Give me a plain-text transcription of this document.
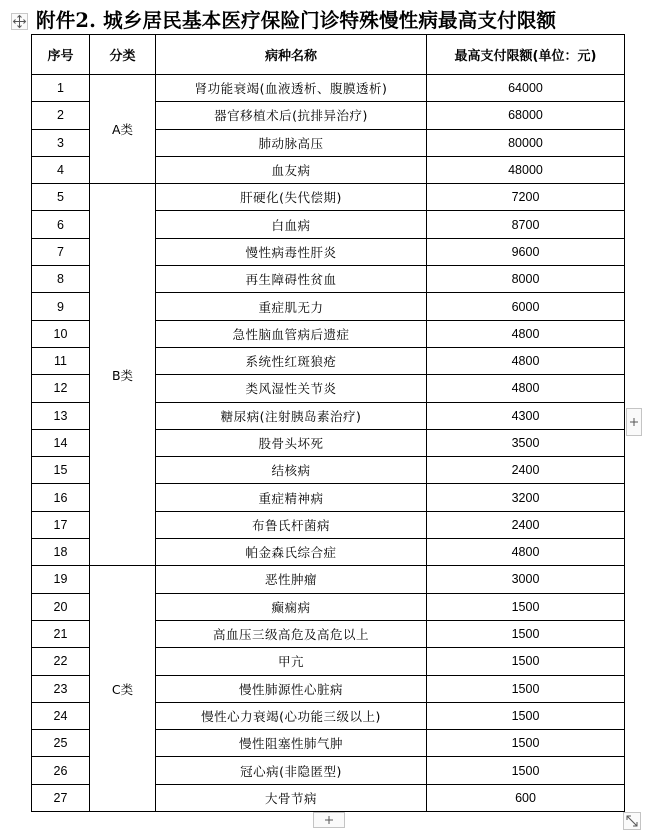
附件2. 城乡居民基本医疗保险门诊特殊慢性病最高支付限额
序号	分类	病种名称	最高支付限额(单位：元)
1	A类	肾功能衰竭(血液透析、腹膜透析)	64000
2		器官移植术后(抗排异治疗)	68000
3		肺动脉高压	80000
4		血友病	48000
5	B类	肝硬化(失代偿期)	7200
6		白血病	8700
7		慢性病毒性肝炎	9600
8		再生障碍性贫血	8000
9		重症肌无力	6000
10		急性脑血管病后遗症	4800
11		系统性红斑狼疮	4800
12		类风湿性关节炎	4800
13		糖尿病(注射胰岛素治疗)	4300
14		股骨头坏死	3500
15		结核病	2400
16		重症精神病	3200
17		布鲁氏杆菌病	2400
18		帕金森氏综合症	4800
19	C类	恶性肿瘤	3000
20		癫痫病	1500
21		高血压三级高危及高危以上	1500
22		甲亢	1500
23		慢性肺源性心脏病	1500
24		慢性心力衰竭(心功能三级以上)	1500
25		慢性阻塞性肺气肿	1500
26		冠心病(非隐匿型)	1500
27		大骨节病	600
